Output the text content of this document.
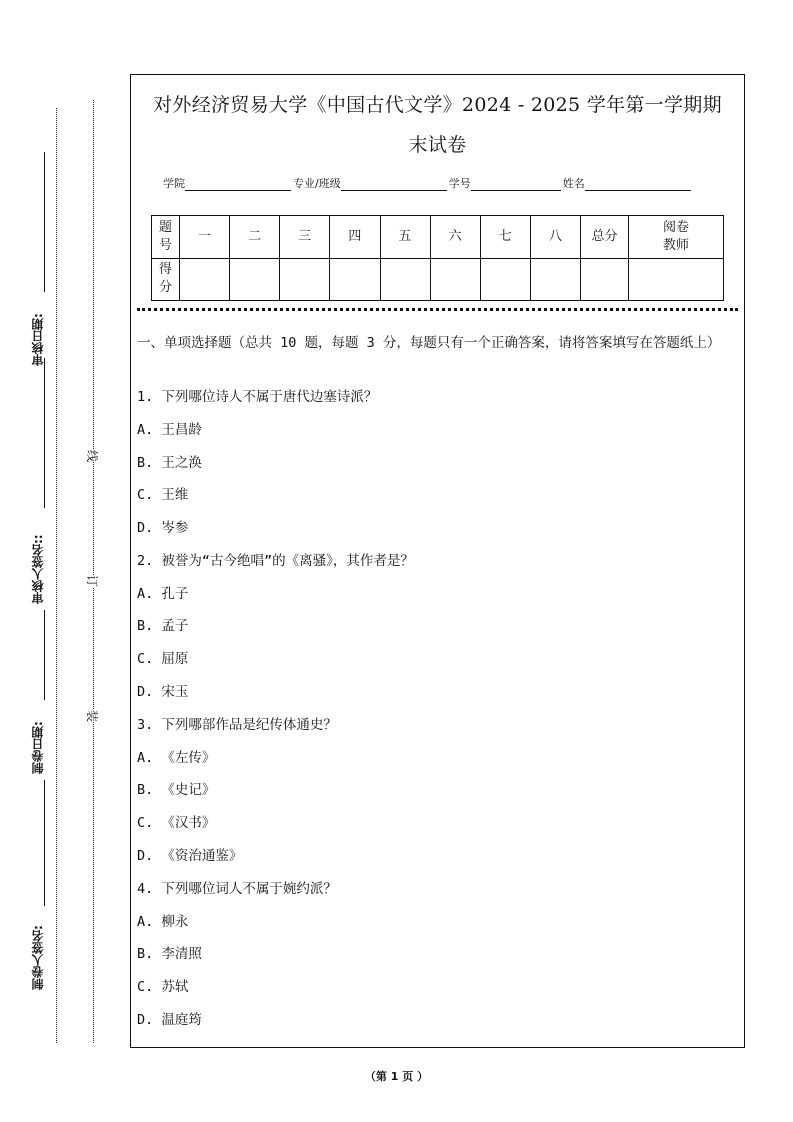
审核日期:
审核人签名::
制卷日期:
制卷人签名:
线
订
装
对外经济贸易大学《中国古代文学》2024 - 2025 学年第一学期期
末试卷
学院	专业/班级	学号	姓名
题号	一	二	三	四	五	六	七	八	总分	阅卷教师
得分										
一、单项选择题（总共 10 题，每题 3 分，每题只有一个正确答案，请将答案填写在答题纸上）
1. 下列哪位诗人不属于唐代边塞诗派？
A. 王昌龄
B. 王之涣
C. 王维
D. 岑参
2. 被誉为“古今绝唱”的《离骚》，其作者是？
A. 孔子
B. 孟子
C. 屈原
D. 宋玉
3. 下列哪部作品是纪传体通史？
A. 《左传》
B. 《史记》
C. 《汉书》
D. 《资治通鉴》
4. 下列哪位词人不属于婉约派？
A. 柳永
B. 李清照
C. 苏轼
D. 温庭筠
（第 1 页 ）
